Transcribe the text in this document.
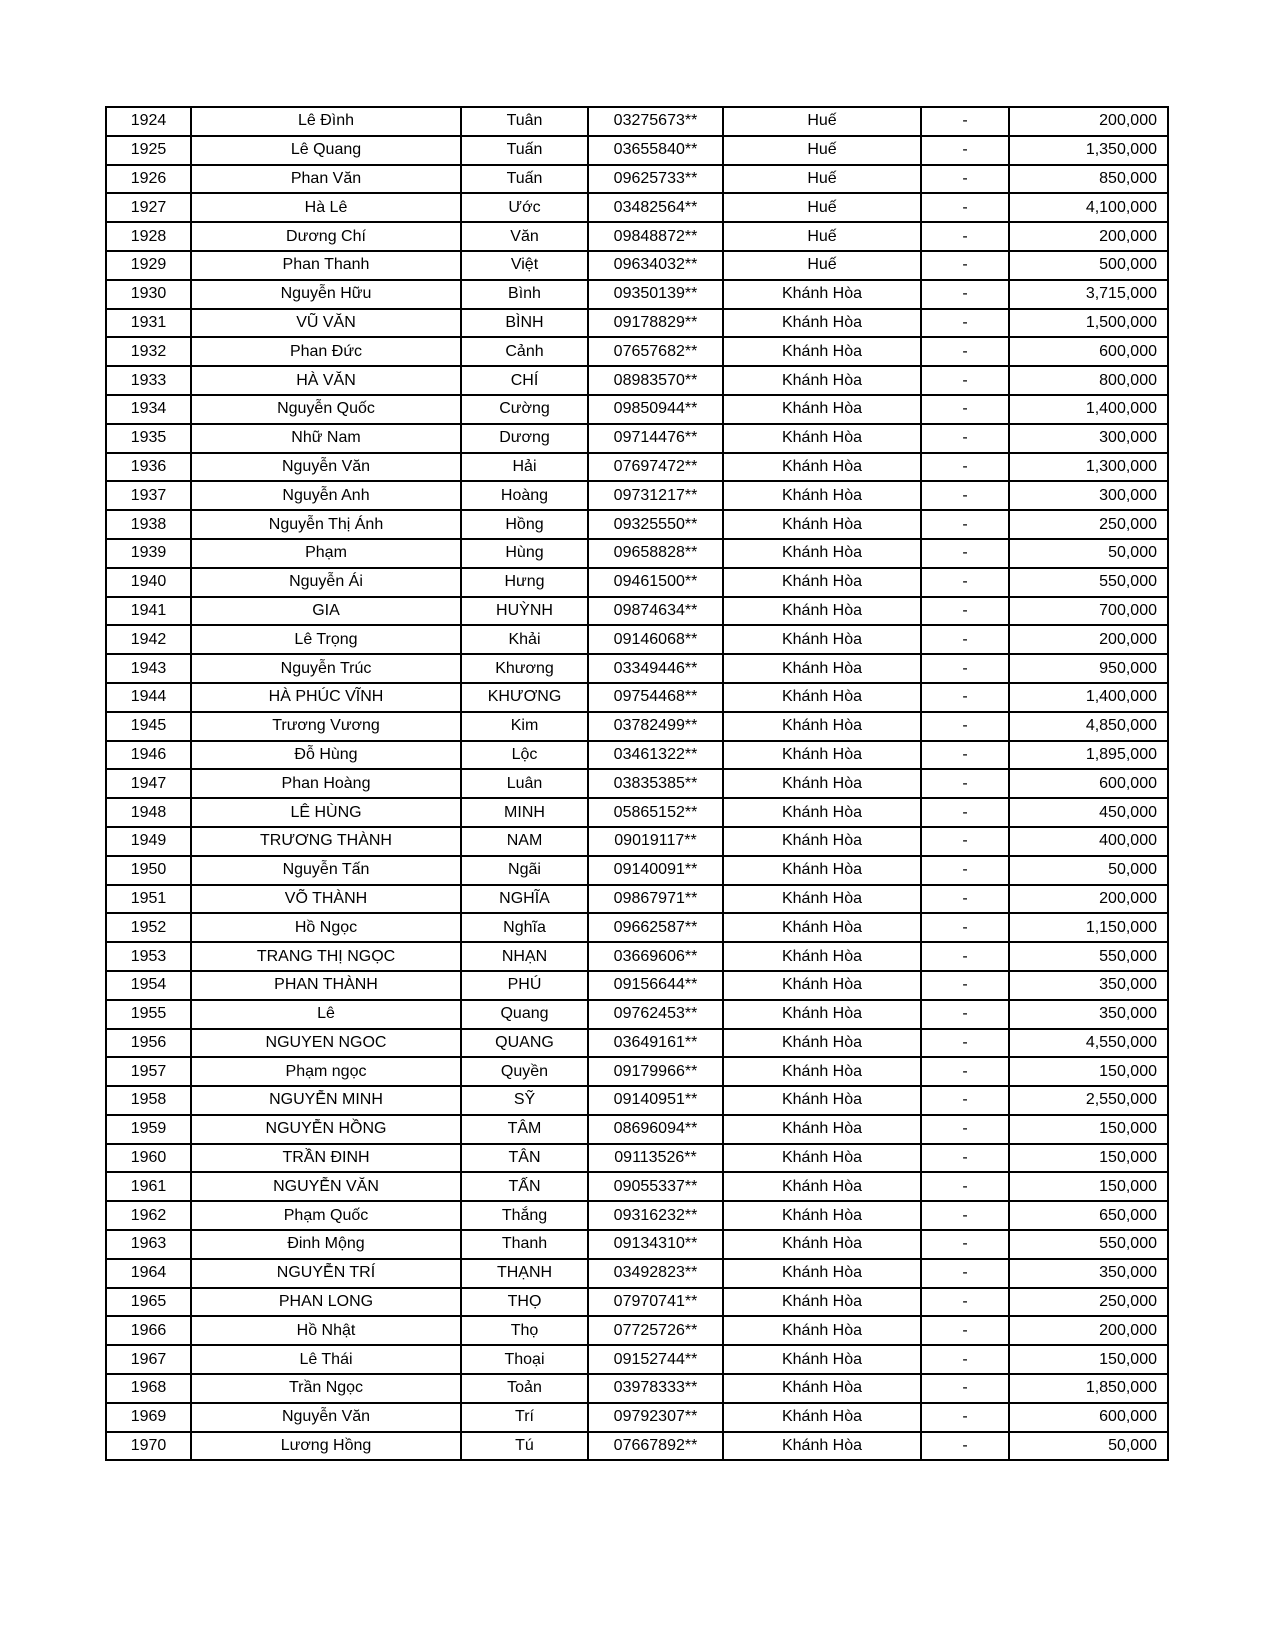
1924	Lê Đình	Tuân	03275673**	Huế	-	200,000
1925	Lê Quang	Tuấn	03655840**	Huế	-	1,350,000
1926	Phan Văn	Tuấn	09625733**	Huế	-	850,000
1927	Hà Lê	Ước	03482564**	Huế	-	4,100,000
1928	Dương Chí	Văn	09848872**	Huế	-	200,000
1929	Phan Thanh	Việt	09634032**	Huế	-	500,000
1930	Nguyễn Hữu	Bình	09350139**	Khánh Hòa	-	3,715,000
1931	VŨ VĂN	BÌNH	09178829**	Khánh Hòa	-	1,500,000
1932	Phan Đức	Cảnh	07657682**	Khánh Hòa	-	600,000
1933	HÀ VĂN	CHÍ	08983570**	Khánh Hòa	-	800,000
1934	Nguyễn Quốc	Cường	09850944**	Khánh Hòa	-	1,400,000
1935	Nhữ Nam	Dương	09714476**	Khánh Hòa	-	300,000
1936	Nguyễn Văn	Hải	07697472**	Khánh Hòa	-	1,300,000
1937	Nguyễn Anh	Hoàng	09731217**	Khánh Hòa	-	300,000
1938	Nguyễn Thị Ánh	Hồng	09325550**	Khánh Hòa	-	250,000
1939	Phạm	Hùng	09658828**	Khánh Hòa	-	50,000
1940	Nguyễn Ái	Hưng	09461500**	Khánh Hòa	-	550,000
1941	GIA	HUỲNH	09874634**	Khánh Hòa	-	700,000
1942	Lê Trọng	Khải	09146068**	Khánh Hòa	-	200,000
1943	Nguyễn Trúc	Khương	03349446**	Khánh Hòa	-	950,000
1944	HÀ PHÚC VĨNH	KHƯƠNG	09754468**	Khánh Hòa	-	1,400,000
1945	Trương Vương	Kim	03782499**	Khánh Hòa	-	4,850,000
1946	Đỗ Hùng	Lộc	03461322**	Khánh Hòa	-	1,895,000
1947	Phan Hoàng	Luân	03835385**	Khánh Hòa	-	600,000
1948	LÊ HÙNG	MINH	05865152**	Khánh Hòa	-	450,000
1949	TRƯƠNG THÀNH	NAM	09019117**	Khánh Hòa	-	400,000
1950	Nguyễn Tấn	Ngãi	09140091**	Khánh Hòa	-	50,000
1951	VÕ THÀNH	NGHĨA	09867971**	Khánh Hòa	-	200,000
1952	Hồ Ngọc	Nghĩa	09662587**	Khánh Hòa	-	1,150,000
1953	TRANG THỊ NGỌC	NHẠN	03669606**	Khánh Hòa	-	550,000
1954	PHAN THÀNH	PHÚ	09156644**	Khánh Hòa	-	350,000
1955	Lê	Quang	09762453**	Khánh Hòa	-	350,000
1956	NGUYEN NGOC	QUANG	03649161**	Khánh Hòa	-	4,550,000
1957	Phạm ngọc	Quyền	09179966**	Khánh Hòa	-	150,000
1958	NGUYỄN MINH	SỸ	09140951**	Khánh Hòa	-	2,550,000
1959	NGUYỄN HỒNG	TÂM	08696094**	Khánh Hòa	-	150,000
1960	TRẦN ĐINH	TÂN	09113526**	Khánh Hòa	-	150,000
1961	NGUYỄN VĂN	TẤN	09055337**	Khánh Hòa	-	150,000
1962	Phạm Quốc	Thắng	09316232**	Khánh Hòa	-	650,000
1963	Đinh Mộng	Thanh	09134310**	Khánh Hòa	-	550,000
1964	NGUYỄN TRÍ	THẠNH	03492823**	Khánh Hòa	-	350,000
1965	PHAN LONG	THỌ	07970741**	Khánh Hòa	-	250,000
1966	Hồ Nhật	Thọ	07725726**	Khánh Hòa	-	200,000
1967	Lê Thái	Thoại	09152744**	Khánh Hòa	-	150,000
1968	Trần Ngọc	Toản	03978333**	Khánh Hòa	-	1,850,000
1969	Nguyễn Văn	Trí	09792307**	Khánh Hòa	-	600,000
1970	Lương Hồng	Tú	07667892**	Khánh Hòa	-	50,000
